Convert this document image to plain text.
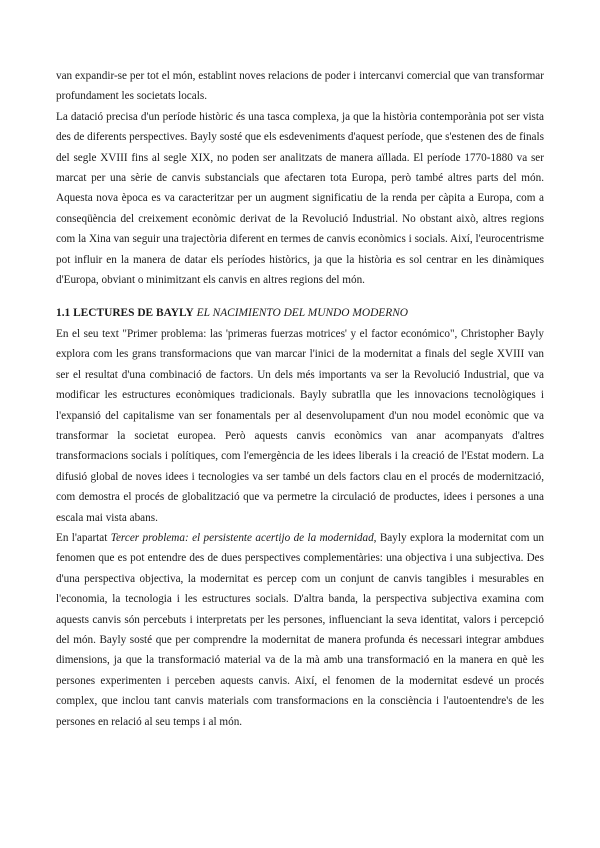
van expandir-se per tot el món, establint noves relacions de poder i intercanvi comercial que van transformar profundament les societats locals.

La datació precisa d'un període històric és una tasca complexa, ja que la història contemporània pot ser vista des de diferents perspectives. Bayly sosté que els esdeveniments d'aquest període, que s'estenen des de finals del segle XVIII fins al segle XIX, no poden ser analitzats de manera aïllada. El període 1770-1880 va ser marcat per una sèrie de canvis substancials que afectaren tota Europa, però també altres parts del món. Aquesta nova època es va caracteritzar per un augment significatiu de la renda per càpita a Europa, com a conseqüència del creixement econòmic derivat de la Revolució Industrial. No obstant això, altres regions com la Xina van seguir una trajectòria diferent en termes de canvis econòmics i socials. Així, l'eurocentrisme pot influir en la manera de datar els períodes històrics, ja que la història es sol centrar en les dinàmiques d'Europa, obviant o minimitzant els canvis en altres regions del món.

1.1 LECTURES DE BAYLY EL NACIMIENTO DEL MUNDO MODERNO

En el seu text "Primer problema: las 'primeras fuerzas motrices' y el factor económico", Christopher Bayly explora com les grans transformacions que van marcar l'inici de la modernitat a finals del segle XVIII van ser el resultat d'una combinació de factors. Un dels més importants va ser la Revolució Industrial, que va modificar les estructures econòmiques tradicionals. Bayly subratlla que les innovacions tecnològiques i l'expansió del capitalisme van ser fonamentals per al desenvolupament d'un nou model econòmic que va transformar la societat europea. Però aquests canvis econòmics van anar acompanyats d'altres transformacions socials i polítiques, com l'emergència de les idees liberals i la creació de l'Estat modern. La difusió global de noves idees i tecnologies va ser també un dels factors clau en el procés de modernització, com demostra el procés de globalització que va permetre la circulació de productes, idees i persones a una escala mai vista abans.

En l'apartat Tercer problema: el persistente acertijo de la modernidad, Bayly explora la modernitat com un fenomen que es pot entendre des de dues perspectives complementàries: una objectiva i una subjectiva. Des d'una perspectiva objectiva, la modernitat es percep com un conjunt de canvis tangibles i mesurables en l'economia, la tecnologia i les estructures socials. D'altra banda, la perspectiva subjectiva examina com aquests canvis són percebuts i interpretats per les persones, influenciant la seva identitat, valors i percepció del món. Bayly sosté que per comprendre la modernitat de manera profunda és necessari integrar ambdues dimensions, ja que la transformació material va de la mà amb una transformació en la manera en què les persones experimenten i perceben aquests canvis. Així, el fenomen de la modernitat esdevé un procés complex, que inclou tant canvis materials com transformacions en la consciència i l'autoentendre's de les persones en relació al seu temps i al món.
